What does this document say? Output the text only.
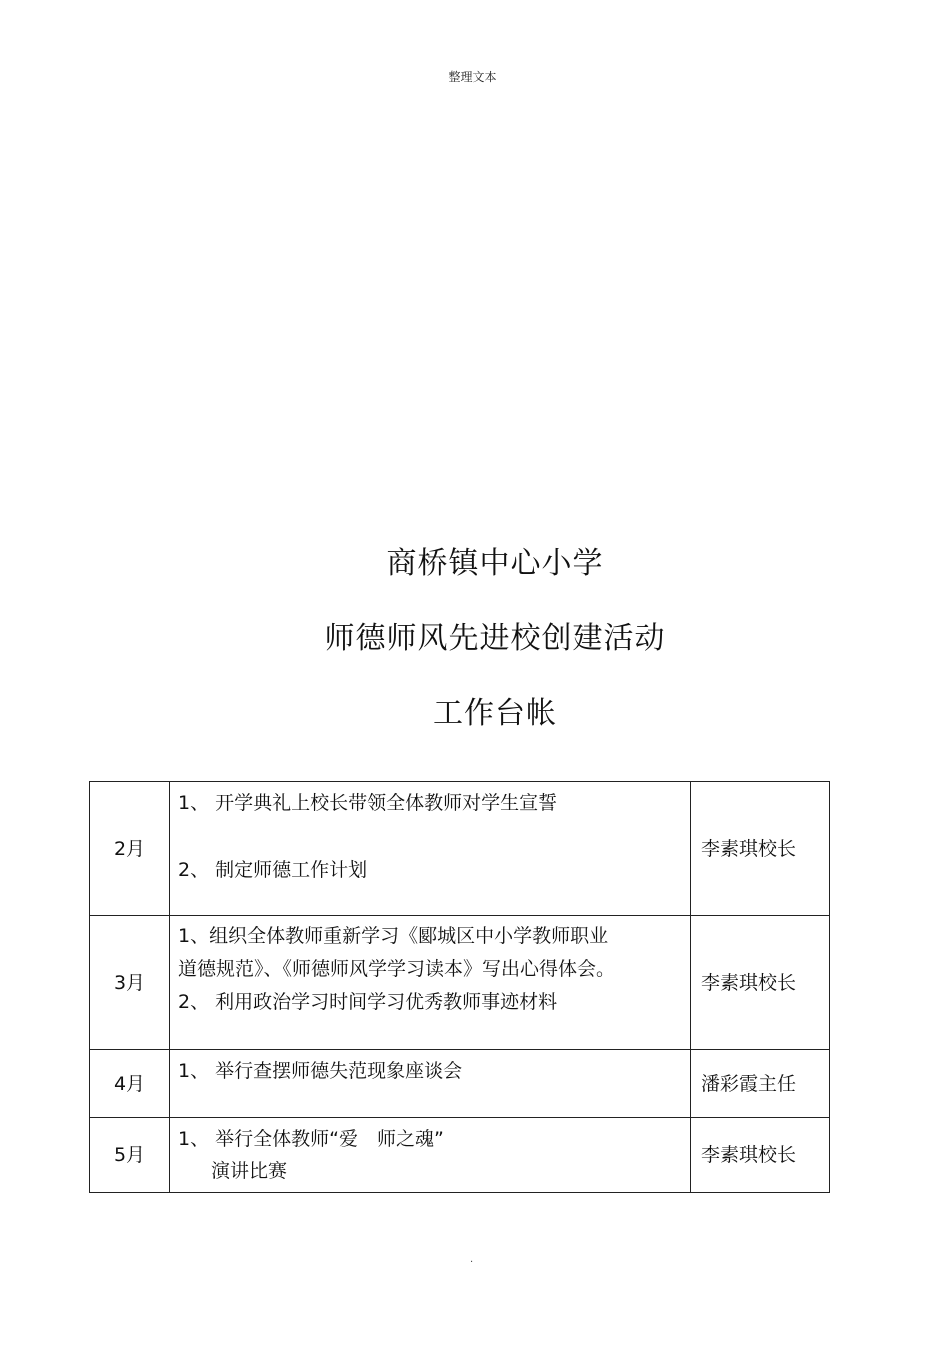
整理文本
商桥镇中心小学
师德师风先进校创建活动
工作台帐
2月	1、 开学典礼上校长带领全体教师对学生宣誓
2、 制定师德工作计划	李素琪校长
3月	1、组织全体教师重新学习《郾城区中小学教师职业
道德规范》、《师德师风学学习读本》写出心得体会。
2、 利用政治学习时间学习优秀教师事迹材料	李素琪校长
4月	1、 举行查摆师德失范现象座谈会	潘彩霞主任
5月	1、 举行全体教师“爱　师之魂”
演讲比赛	李素琪校长
.
